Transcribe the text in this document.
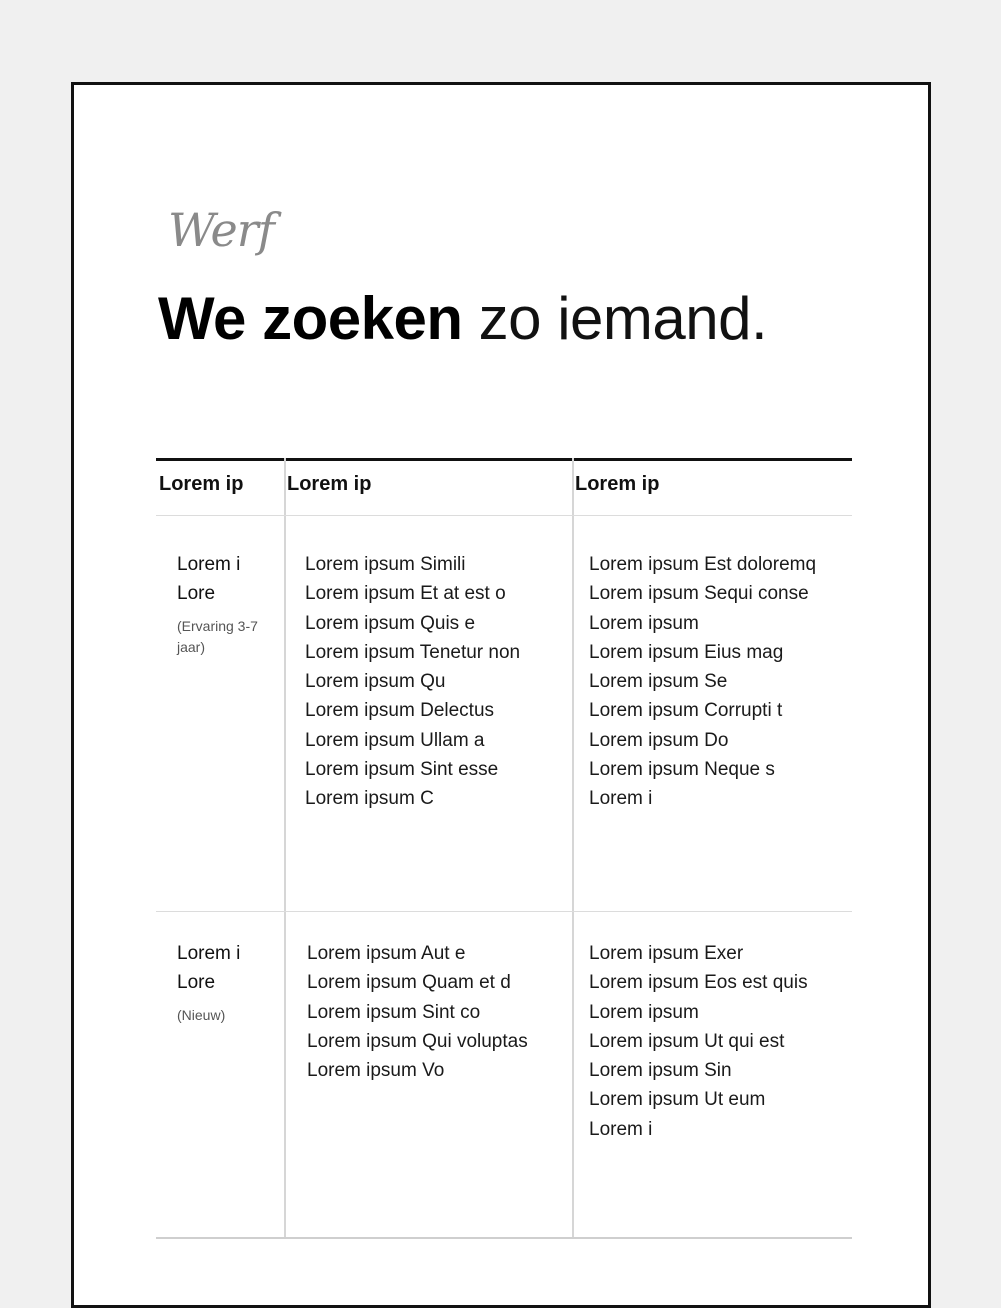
Werf
We zoeken zo iemand.
Lorem ip Lorem ip	Lorem ip
Lorem i
Lore
(Ervaring 3-7 jaar)
Lorem ipsum Simili
Lorem ipsum Et at est o
Lorem ipsum Quis e
Lorem ipsum Tenetur non
Lorem ipsum Qu
Lorem ipsum Delectus
Lorem ipsum Ullam a
Lorem ipsum Sint esse
Lorem ipsum C
Lorem ipsum Est doloremq
Lorem ipsum Sequi conse
Lorem ipsum
Lorem ipsum Eius mag
Lorem ipsum Se
Lorem ipsum Corrupti t
Lorem ipsum Do
Lorem ipsum Neque s
Lorem i
Lorem i
Lore
(Nieuw)
Lorem ipsum Aut e
Lorem ipsum Quam et d
Lorem ipsum Sint co
Lorem ipsum Qui voluptas
Lorem ipsum Vo
Lorem ipsum Exer
Lorem ipsum Eos est quis
Lorem ipsum
Lorem ipsum Ut qui est
Lorem ipsum Sin
Lorem ipsum Ut eum
Lorem i
